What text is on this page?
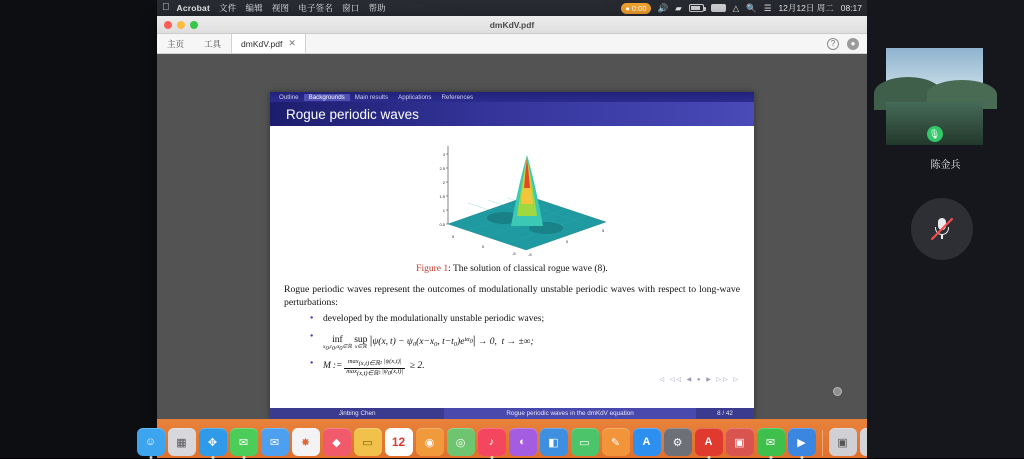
Acrobat 文件 编辑 视图 电子签名 窗口 帮助	● 0:00 🔊 ▰	△ 🔍 ☰ 12月12日 周二 08:17
dmKdV.pdf
主页	工具	dmKdV.pdf ✕	?	●
Outline	Backgrounds	Main results	Applications	References
Rogue periodic waves
0.5
1
1.5
2
2.5
3
5
0
-5
-5
0
5
Figure 1: The solution of classical rogue wave (8).
Rogue periodic waves represent the outcomes of modulationally unstable periodic waves with respect to long-wave perturbations:
● developed by the modulationally unstable periodic waves;
● inf
x0,t0,α0∈ℝ

sup
x∈ℝ |ψ(x, $t) - \psi_0(x-x_0$, $t-t_0)e^{i\alpha 0}| \to 0$, t → ±∞;
● M :=  $\frac{\text{max(x,t)∈ℝ² |ψ(x,t)|}}{\text{max(x,t)∈ℝ² |ψ0(x,t)|}}$  ≥ 2.
◁ ◁◁ ◀ ● ▶ ▷▷ ▷
Jinbing Chen	Rogue periodic waves in the dmKdV equation	8 / 42
☺	▦	✥	✉	✉	✸	◆	▭	12	◉	◎	♪	◐	◧	▭	✎	A	⚙	A	▣	✉	▶	▣
🎙
陈金兵
